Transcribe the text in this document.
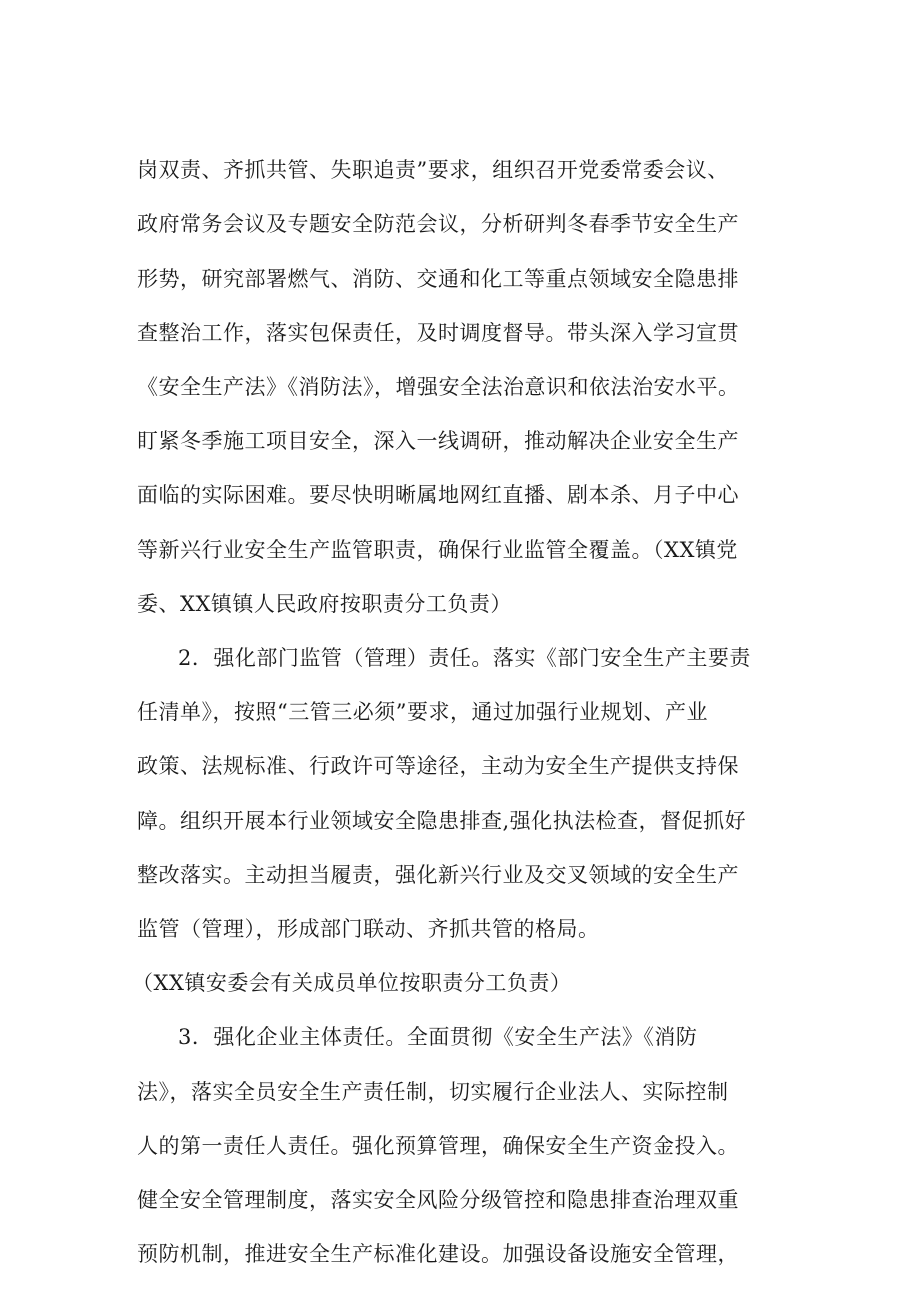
岗双责、齐抓共管、失职追责”要求，组织召开党委常委会议、
政府常务会议及专题安全防范会议，分析研判冬春季节安全生产
形势，研究部署燃气、消防、交通和化工等重点领域安全隐患排
查整治工作，落实包保责任，及时调度督导。带头深入学习宣贯
《安全生产法》《消防法》，增强安全法治意识和依法治安水平。
盯紧冬季施工项目安全，深入一线调研，推动解决企业安全生产
面临的实际困难。要尽快明晰属地网红直播、剧本杀、月子中心
等新兴行业安全生产监管职责，确保行业监管全覆盖。（XX镇党
委、XX镇镇人民政府按职责分工负责）
2．强化部门监管（管理）责任。落实《部门安全生产主要责
任清单》，按照“三管三必须”要求，通过加强行业规划、产业
政策、法规标准、行政许可等途径，主动为安全生产提供支持保
障。组织开展本行业领域安全隐患排查,强化执法检查，督促抓好
整改落实。主动担当履责，强化新兴行业及交叉领域的安全生产
监管（管理），形成部门联动、齐抓共管的格局。
（XX镇安委会有关成员单位按职责分工负责）
3．强化企业主体责任。全面贯彻《安全生产法》《消防
法》，落实全员安全生产责任制，切实履行企业法人、实际控制
人的第一责任人责任。强化预算管理，确保安全生产资金投入。
健全安全管理制度，落实安全风险分级管控和隐患排查治理双重
预防机制，推进安全生产标准化建设。加强设备设施安全管理，
